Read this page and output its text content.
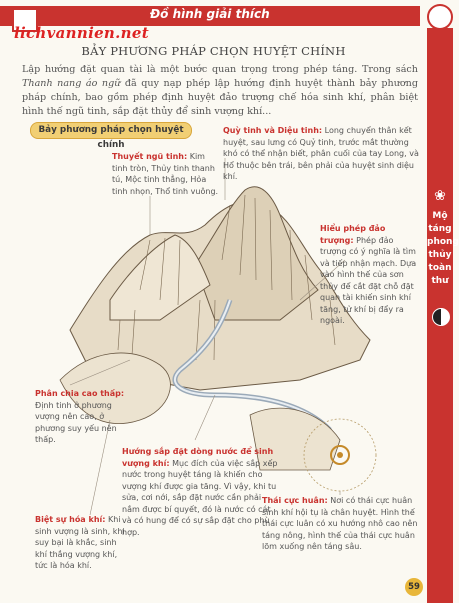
Đồ hình giải thích
lichvannien.net
❀
Mộ
táng
phong
thủy
toàn
thư
BẢY PHƯƠNG PHÁP CHỌN HUYỆT CHÍNH
Lập hướng đặt quan tài là một bước quan trọng trong phép táng. Trong sách Thanh nang áo ngữ đã quy nạp phép lập hướng định huyệt thành bảy phương pháp chính, bao gồm phép định huyệt đảo trượng chế hóa sinh khí, phân biệt hình thế ngũ tinh, sắp đặt thủy để sinh vượng khí...
Bảy phương pháp chọn huyệt chính
Quỳ tinh và Diệu tinh: Long chuyển thân kết huyệt, sau lưng có Quỷ tinh, trước mắt thường khó có thể nhận biết, phân cuối của tay Long, và Hổ thuộc bên trái, bên phải của huyệt sinh diệu khí.
Thuyết ngũ tinh: Kim tinh tròn, Thủy tinh thanh tú, Mộc tinh thẳng, Hỏa tinh nhọn, Thổ tinh vuông.
Hiểu phép đảo trượng: Phép đảo trượng có ý nghĩa là tìm và tiếp nhận mạch. Dựa vào hình thế của sơn thủy để cắt đặt chỗ đặt quan tài khiến sinh khí tăng, tử khí bị đẩy ra ngoài.
Phân chia cao thấp: Định tinh ở phương vượng nên cao, ở phương suy yếu nên thấp.
Hướng sắp đặt dòng nước để sinh vượng khí: Mục đích của việc sắp xếp nước trong huyệt táng là khiến cho vượng khí được gia tăng. Vì vậy, khi tu sửa, cơi nới, sắp đặt nước cần phải nắm được bí quyết, đó là nước có cát và có hung để có sự sắp đặt cho phù hợp.
Biệt sự hóa khí: Khi sinh vượng là sinh, khi suy bại là khắc, sinh khí thắng vượng khí, tức là hóa khí.
Thái cực huân: Nơi có thái cực huân sinh khí hội tụ là chân huyệt. Hình thế thái cực luân có xu hướng nhô cao nên táng nông, hình thế của thái cực huân lõm xuống nên táng sâu.
59
